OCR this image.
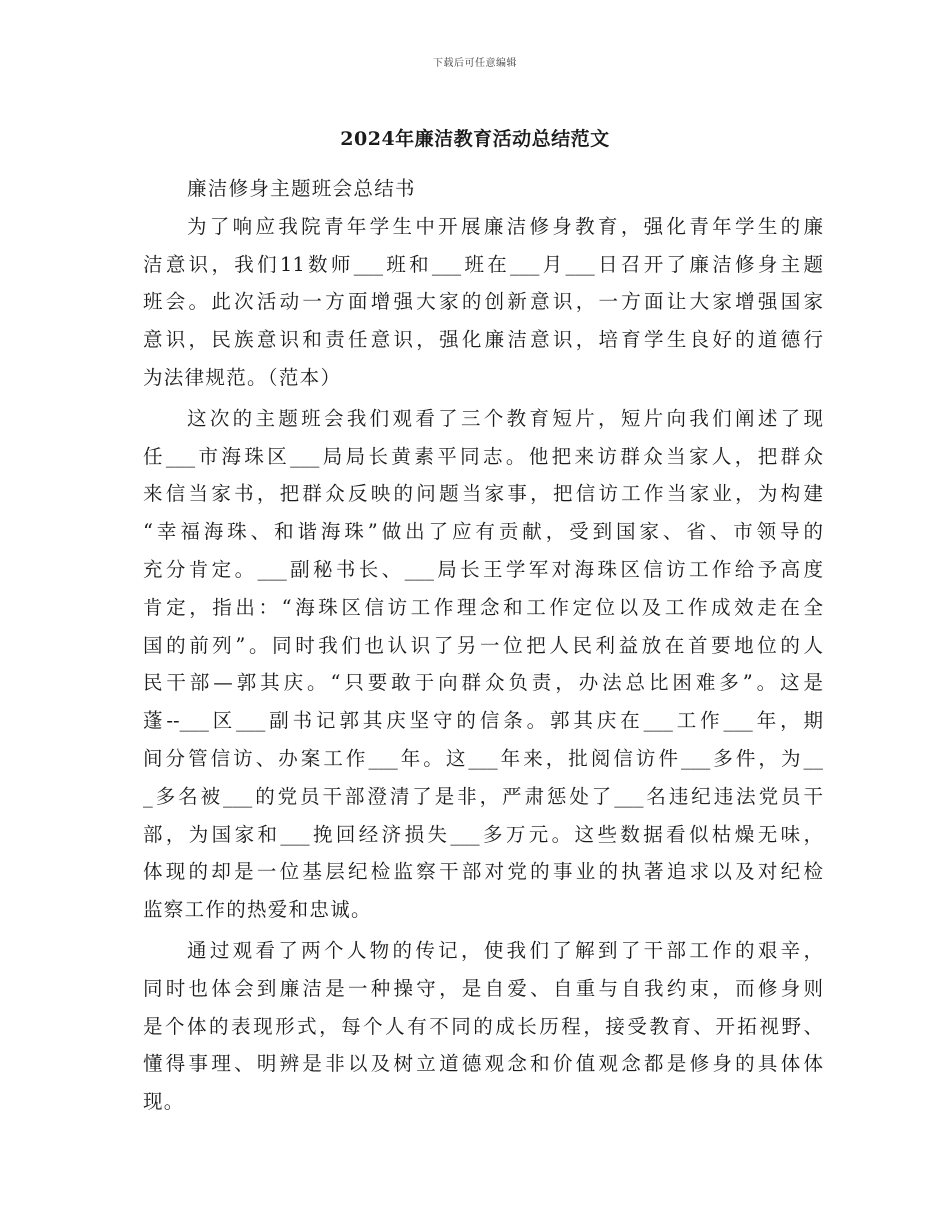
下载后可任意编辑
2024年廉洁教育活动总结范文
廉洁修身主题班会总结书
为了响应我院青年学生中开展廉洁修身教育，强化青年学生的廉
洁意识，我们11数师___班和___班在___月___日召开了廉洁修身主题
班会。此次活动一方面增强大家的创新意识，一方面让大家增强国家
意识，民族意识和责任意识，强化廉洁意识，培育学生良好的道德行
为法律规范。（范本）
这次的主题班会我们观看了三个教育短片，短片向我们阐述了现
任___市海珠区___局局长黄素平同志。他把来访群众当家人，把群众
来信当家书，把群众反映的问题当家事，把信访工作当家业，为构建
“幸福海珠、和谐海珠”做出了应有贡献，受到国家、省、市领导的
充分肯定。___副秘书长、___局长王学军对海珠区信访工作给予高度
肯定，指出：“海珠区信访工作理念和工作定位以及工作成效走在全
国的前列”。同时我们也认识了另一位把人民利益放在首要地位的人
民干部—郭其庆。“只要敢于向群众负责，办法总比困难多”。这是
蓬--___区___副书记郭其庆坚守的信条。郭其庆在___工作___年，期
间分管信访、办案工作___年。这___年来，批阅信访件___多件，为__
_多名被___的党员干部澄清了是非，严肃惩处了___名违纪违法党员干
部，为国家和___挽回经济损失___多万元。这些数据看似枯燥无味，
体现的却是一位基层纪检监察干部对党的事业的执著追求以及对纪检
监察工作的热爱和忠诚。
通过观看了两个人物的传记，使我们了解到了干部工作的艰辛，
同时也体会到廉洁是一种操守，是自爱、自重与自我约束，而修身则
是个体的表现形式，每个人有不同的成长历程，接受教育、开拓视野、
懂得事理、明辨是非以及树立道德观念和价值观念都是修身的具体体
现。
